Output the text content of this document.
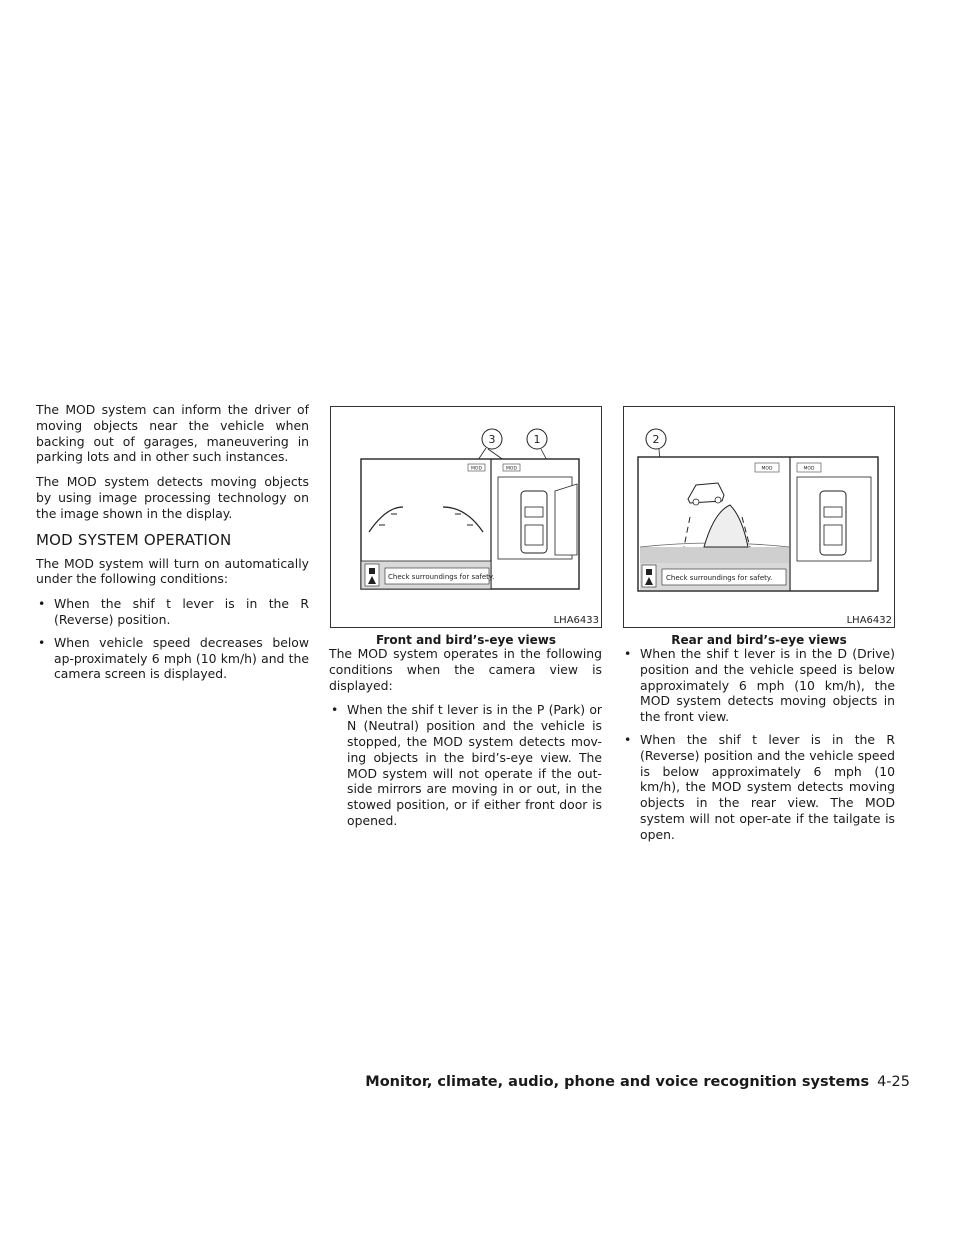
The MOD system can inform the driver of moving objects near the vehicle when backing out of garages, maneuvering in parking lots and in other such instances.

The MOD system detects moving objects by using image processing technology on the image shown in the display.

MOD SYSTEM OPERATION

The MOD system will turn on automatically under the following conditions:

• When the shif t lever is in the R (Reverse) position.
• When vehicle speed decreases below ap-proximately 6 mph (10 km/h) and the camera screen is displayed.
3	1
MOD	MOD
Check surroundings for safety.
LHA6433
Front and bird’s-eye views
2
MOD	MOD
Check surroundings for safety.
LHA6432
Rear and bird’s-eye views

The MOD system operates in the following conditions when the camera view is displayed:

• When the shif t lever is in the P (Park) or N (Neutral) position and the vehicle is stopped, the MOD system detects mov-ing objects in the bird’s-eye view. The MOD system will not operate if the out-side mirrors are moving in or out, in the stowed position, or if either front door is opened.
• When the shif t lever is in the D (Drive) position and the vehicle speed is below approximately 6 mph (10 km/h), the MOD system detects moving objects in the front view.
• When the shif t lever is in the R (Reverse) position and the vehicle speed is below approximately 6 mph (10 km/h), the MOD system detects moving objects in the rear view. The MOD system will not oper-ate if the tailgate is open.
Monitor, climate, audio, phone and voice recognition systems 4-25
